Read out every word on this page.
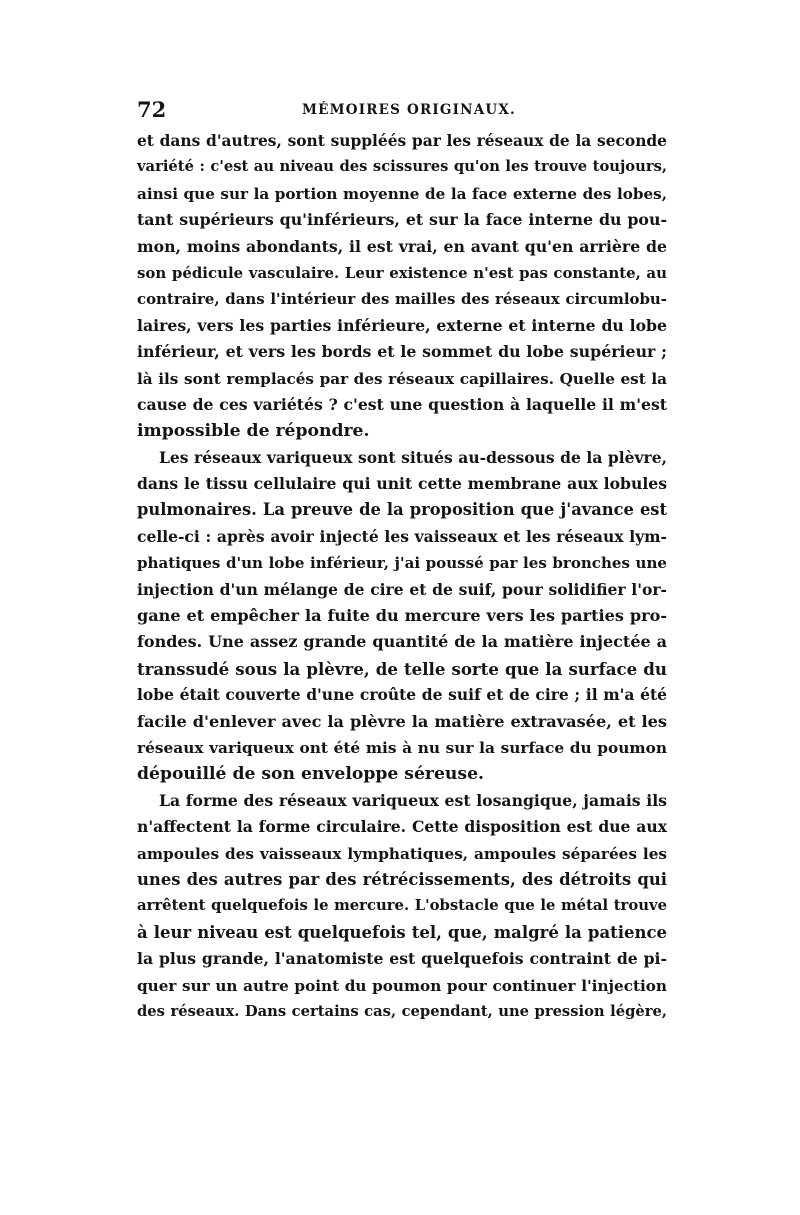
72	MÉMOIRES ORIGINAUX.
et dans d'autres, sont suppléés par les réseaux de la seconde
variété : c'est au niveau des scissures qu'on les trouve toujours,
ainsi que sur la portion moyenne de la face externe des lobes,
tant supérieurs qu'inférieurs, et sur la face interne du pou-
mon, moins abondants, il est vrai, en avant qu'en arrière de
son pédicule vasculaire. Leur existence n'est pas constante, au
contraire, dans l'intérieur des mailles des réseaux circumlobu-
laires, vers les parties inférieure, externe et interne du lobe
inférieur, et vers les bords et le sommet du lobe supérieur ;
là ils sont remplacés par des réseaux capillaires. Quelle est la
cause de ces variétés ? c'est une question à laquelle il m'est
impossible de répondre.
Les réseaux variqueux sont situés au-dessous de la plèvre,
dans le tissu cellulaire qui unit cette membrane aux lobules
pulmonaires. La preuve de la proposition que j'avance est
celle-ci : après avoir injecté les vaisseaux et les réseaux lym-
phatiques d'un lobe inférieur, j'ai poussé par les bronches une
injection d'un mélange de cire et de suif, pour solidifier l'or-
gane et empêcher la fuite du mercure vers les parties pro-
fondes. Une assez grande quantité de la matière injectée a
transsudé sous la plèvre, de telle sorte que la surface du
lobe était couverte d'une croûte de suif et de cire ; il m'a été
facile d'enlever avec la plèvre la matière extravasée, et les
réseaux variqueux ont été mis à nu sur la surface du poumon
dépouillé de son enveloppe séreuse.
La forme des réseaux variqueux est losangique, jamais ils
n'affectent la forme circulaire. Cette disposition est due aux
ampoules des vaisseaux lymphatiques, ampoules séparées les
unes des autres par des rétrécissements, des détroits qui
arrêtent quelquefois le mercure. L'obstacle que le métal trouve
à leur niveau est quelquefois tel, que, malgré la patience
la plus grande, l'anatomiste est quelquefois contraint de pi-
quer sur un autre point du poumon pour continuer l'injection
des réseaux. Dans certains cas, cependant, une pression légère,
